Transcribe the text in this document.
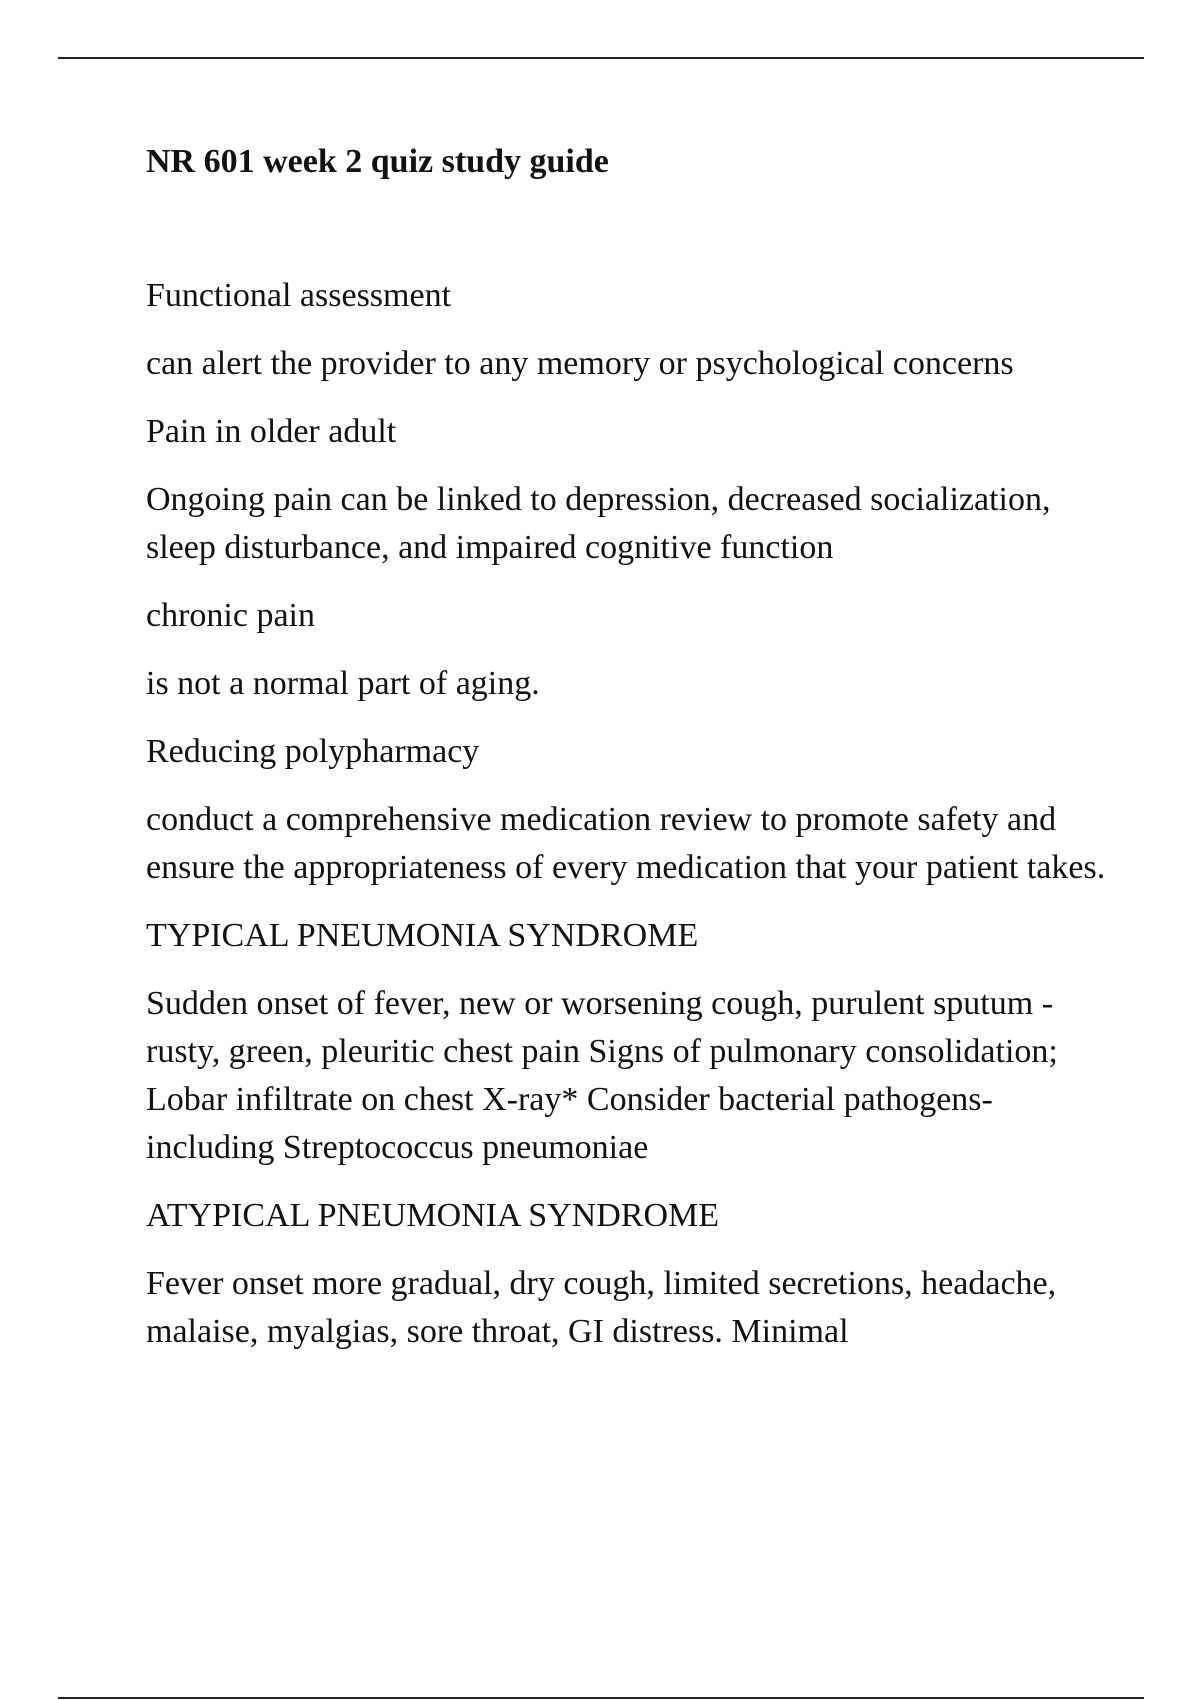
NR 601 week 2 quiz study guide

Functional assessment

can alert the provider to any memory or psychological concerns

Pain in older adult

Ongoing pain can be linked to depression, decreased socialization, sleep disturbance, and impaired cognitive function

chronic pain

is not a normal part of aging.

Reducing polypharmacy

conduct a comprehensive medication review to promote safety and ensure the appropriateness of every medication that your patient takes.

TYPICAL PNEUMONIA SYNDROME

Sudden onset of fever, new or worsening cough, purulent sputum - rusty, green, pleuritic chest pain Signs of pulmonary consolidation; Lobar infiltrate on chest X-ray* Consider bacterial pathogens- including Streptococcus pneumoniae

ATYPICAL PNEUMONIA SYNDROME

Fever onset more gradual, dry cough, limited secretions, headache, malaise, myalgias, sore throat, GI distress. Minimal
